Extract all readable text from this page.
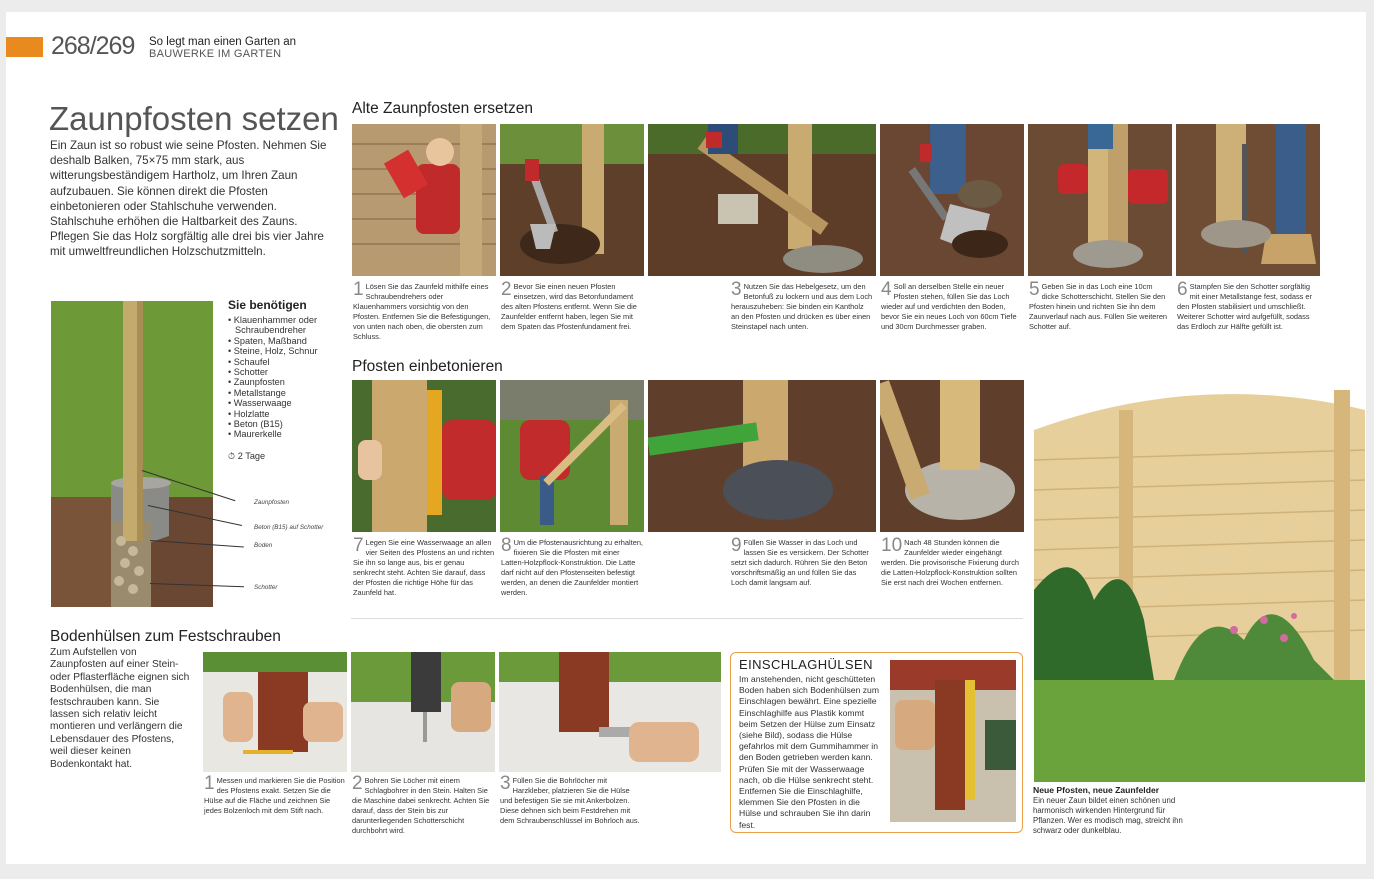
268/269 So legt man einen Garten an
BAUWERKE IM GARTEN
Zaunpfosten setzen
Ein Zaun ist so robust wie seine Pfosten. Nehmen Sie deshalb Balken, 75×75 mm stark, aus witterungsbeständigem Hartholz, um Ihren Zaun aufzubauen. Sie können direkt die Pfosten einbetonieren oder Stahlschuhe verwenden. Stahlschuhe erhöhen die Haltbarkeit des Zauns. Pflegen Sie das Holz sorgfältig alle drei bis vier Jahre mit umweltfreundlichen Holzschutzmitteln.
Zaunpfosten
Beton (B15) auf Schotter
Boden
Schotter
Sie benötigen
• Klauenhammer oder Schraubendreher
• Spaten, Maßband
• Steine, Holz, Schnur
• Schaufel
• Schotter
• Zaunpfosten
• Metallstange
• Wasserwaage
• Holzlatte
• Beton (B15)
• Maurerkelle
⏱ 2 Tage
Alte Zaunpfosten ersetzen
1 Lösen Sie das Zaunfeld mithilfe eines Schraubendrehers oder Klauenhammers vorsichtig von den Pfosten. Entfernen Sie die Befestigungen, von unten nach oben, die obersten zum Schluss.
2 Bevor Sie einen neuen Pfosten einsetzen, wird das Betonfundament des alten Pfostens entfernt. Wenn Sie die Zaunfelder entfernt haben, legen Sie mit dem Spaten das Pfostenfundament frei.
3 Nutzen Sie das Hebelgesetz, um den Betonfuß zu lockern und aus dem Loch herauszuheben: Sie binden ein Kantholz an den Pfosten und drücken es über einen Steinstapel nach unten.
4 Soll an derselben Stelle ein neuer Pfosten stehen, füllen Sie das Loch wieder auf und verdichten den Boden, bevor Sie ein neues Loch von 60cm Tiefe und 30cm Durchmesser graben.
5 Geben Sie in das Loch eine 10cm dicke Schotterschicht. Stellen Sie den Pfosten hinein und richten Sie ihn dem Zaunverlauf nach aus. Füllen Sie weiteren Schotter auf.
6 Stampfen Sie den Schotter sorgfältig mit einer Metallstange fest, sodass er den Pfosten stabilisiert und umschließt. Weiterer Schotter wird aufgefüllt, sodass das Erdloch zur Hälfte gefüllt ist.
Pfosten einbetonieren
7 Legen Sie eine Wasserwaage an allen vier Seiten des Pfostens an und richten Sie ihn so lange aus, bis er genau senkrecht steht. Achten Sie darauf, dass der Pfosten die richtige Höhe für das Zaunfeld hat.
8 Um die Pfostenausrichtung zu erhalten, fixieren Sie die Pfosten mit einer Latten-Holzpflock-Konstruktion. Die Latte darf nicht auf den Pfostenseiten befestigt werden, an denen die Zaunfelder montiert werden.
9 Füllen Sie Wasser in das Loch und lassen Sie es versickern. Der Schotter setzt sich dadurch. Rühren Sie den Beton vorschriftsmäßig an und füllen Sie das Loch damit langsam auf.
10 Nach 48 Stunden können die Zaunfelder wieder eingehängt werden. Die provisorische Fixierung durch die Latten-Holzpflock-Konstruktion sollten Sie erst nach drei Wochen entfernen.
Neue Pfosten, neue Zaunfelder
Ein neuer Zaun bildet einen schönen und harmonisch wirkenden Hintergrund für Pflanzen. Wer es modisch mag, streicht ihn schwarz oder dunkelblau.
Bodenhülsen zum Festschrauben
Zum Aufstellen von Zaunpfosten auf einer Stein- oder Pflasterfläche eignen sich Bodenhülsen, die man festschrauben kann. Sie lassen sich relativ leicht montieren und verlängern die Lebensdauer des Pfostens, weil dieser keinen Bodenkontakt hat.
1 Messen und markieren Sie die Position des Pfostens exakt. Setzen Sie die Hülse auf die Fläche und zeichnen Sie jedes Bolzenloch mit dem Stift nach.
2 Bohren Sie Löcher mit einem Schlagbohrer in den Stein. Halten Sie die Maschine dabei senkrecht. Achten Sie darauf, dass der Stein bis zur darunterliegenden Schotterschicht durchbohrt wird.
3 Füllen Sie die Bohrlöcher mit Harzkleber, platzieren Sie die Hülse und befestigen Sie sie mit Ankerbolzen. Diese dehnen sich beim Festdrehen mit dem Schraubenschlüssel im Bohrloch aus.
EINSCHLAGHÜLSEN
Im anstehenden, nicht geschütteten Boden haben sich Bodenhülsen zum Einschlagen bewährt. Eine spezielle Einschlaghilfe aus Plastik kommt beim Setzen der Hülse zum Einsatz (siehe Bild), sodass die Hülse gefahrlos mit dem Gummihammer in den Boden getrieben werden kann. Prüfen Sie mit der Wasserwaage nach, ob die Hülse senkrecht steht. Entfernen Sie die Einschlaghilfe, klemmen Sie den Pfosten in die Hülse und schrauben Sie ihn darin fest.
